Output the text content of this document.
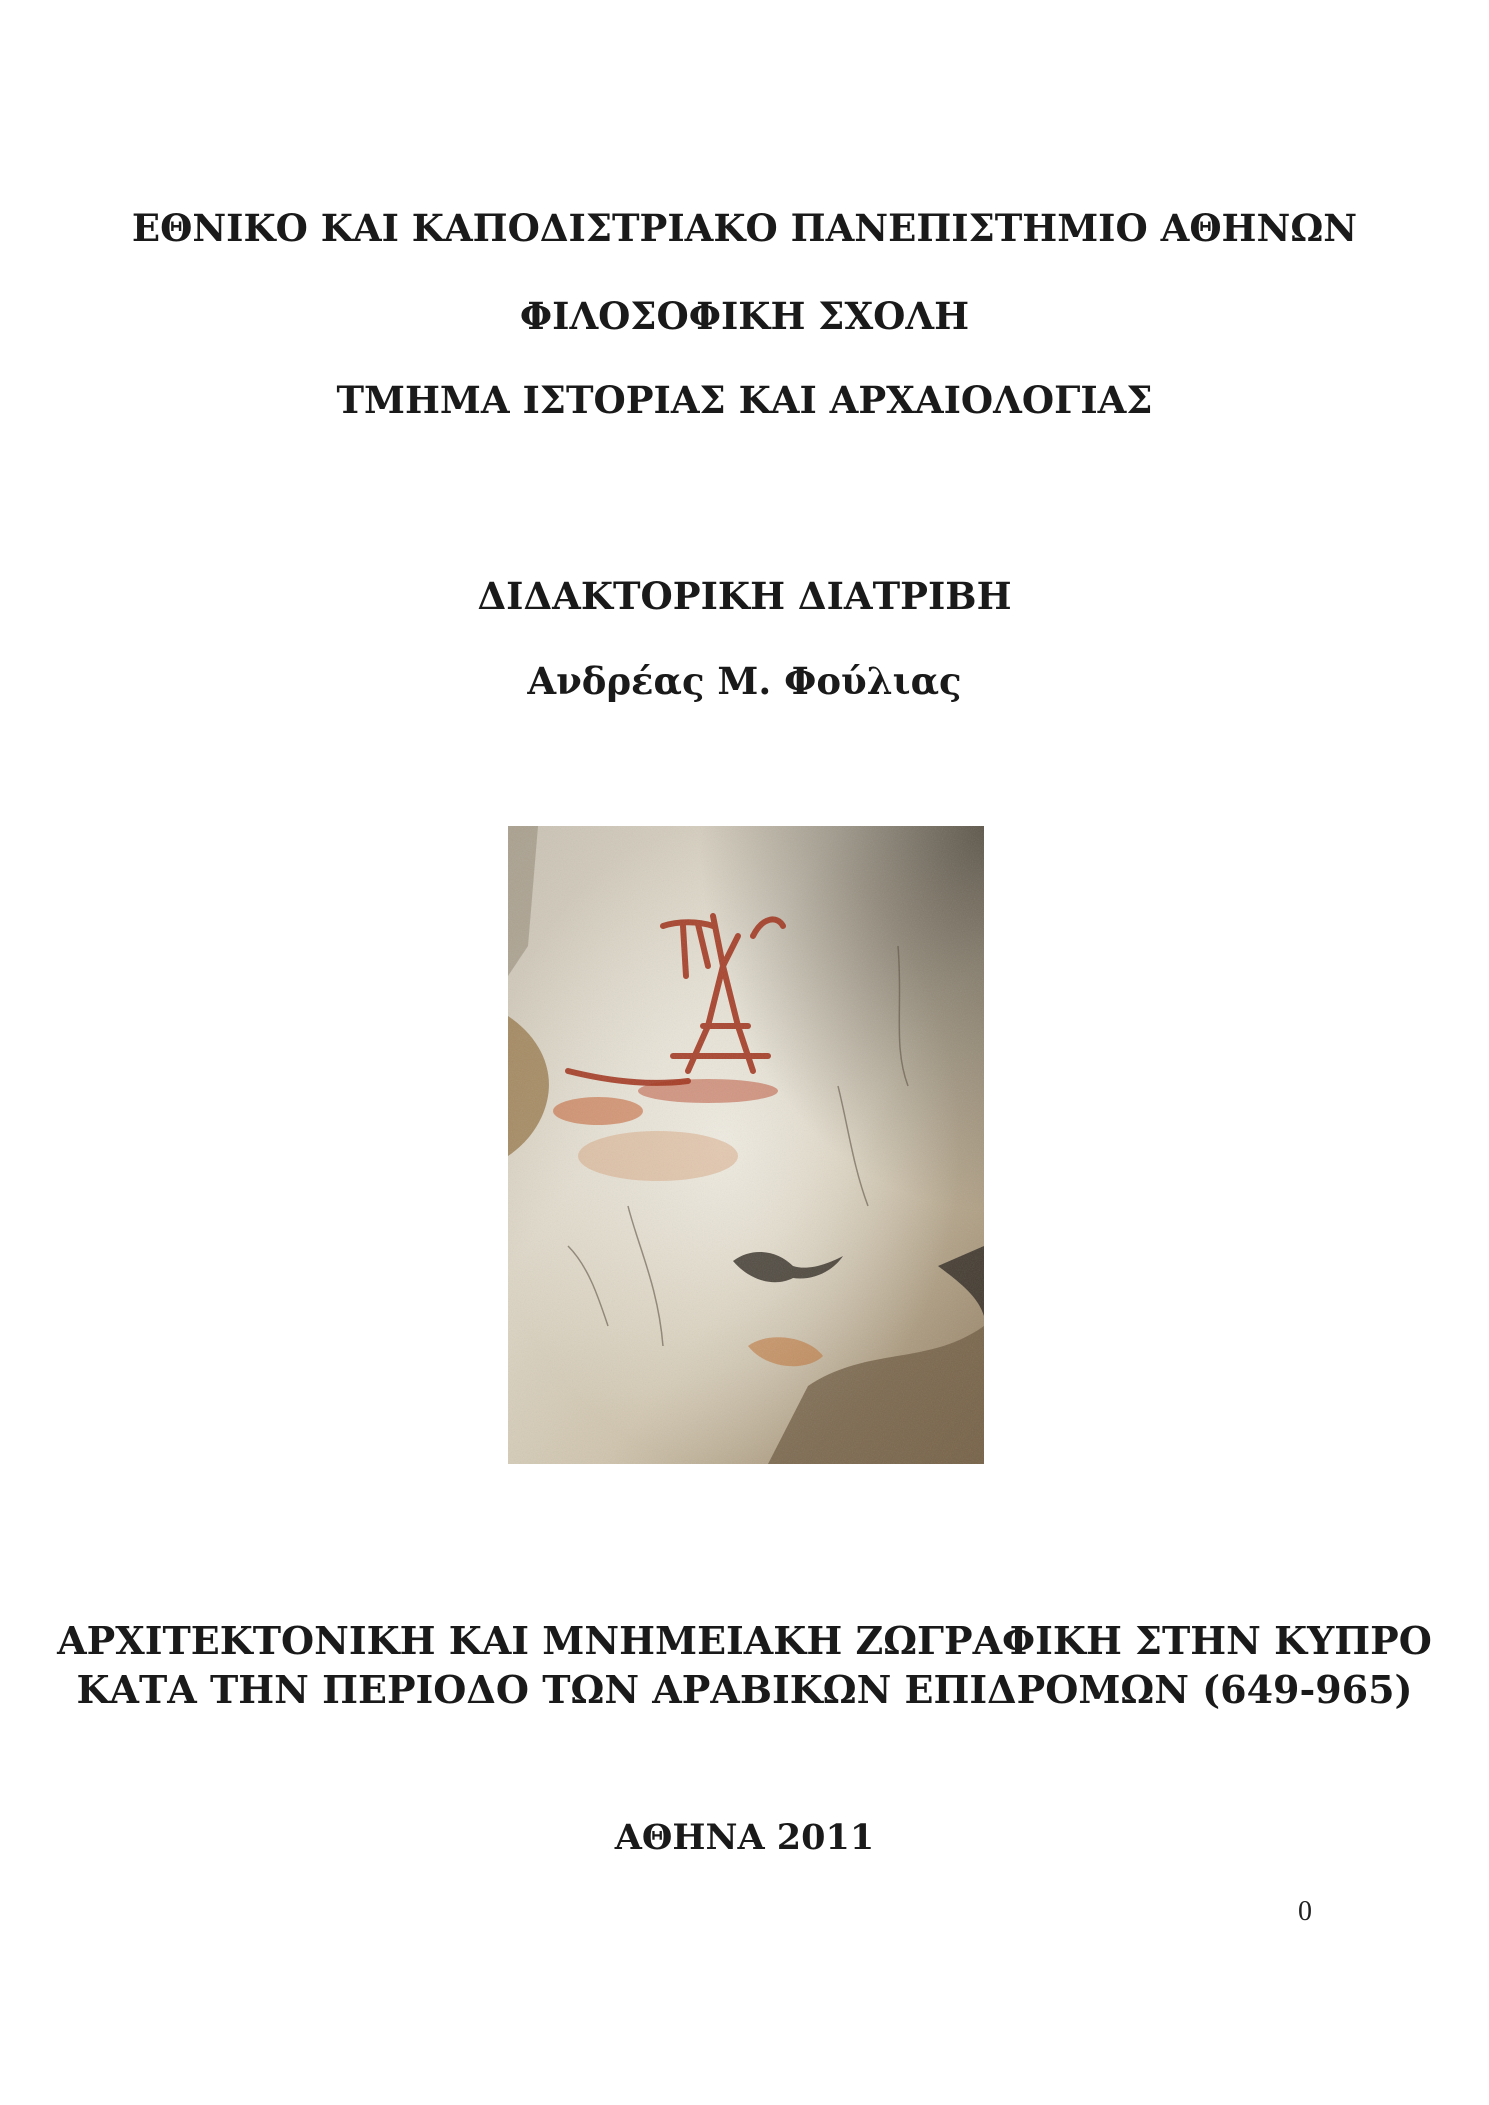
ΕΘΝΙΚΟ ΚΑΙ ΚΑΠΟΔΙΣΤΡΙΑΚΟ ΠΑΝΕΠΙΣΤΗΜΙΟ ΑΘΗΝΩΝ
ΦΙΛΟΣΟΦΙΚΗ ΣΧΟΛΗ
ΤΜΗΜΑ ΙΣΤΟΡΙΑΣ ΚΑΙ ΑΡΧΑΙΟΛΟΓΙΑΣ
ΔΙΔΑΚΤΟΡΙΚΗ ΔΙΑΤΡΙΒΗ
Ανδρέας Μ. Φούλιας
ΑΡΧΙΤΕΚΤΟΝΙΚΗ ΚΑΙ ΜΝΗΜΕΙΑΚΗ ΖΩΓΡΑΦΙΚΗ ΣΤΗΝ ΚΥΠΡΟ
ΚΑΤΑ ΤΗΝ ΠΕΡΙΟΔΟ ΤΩΝ ΑΡΑΒΙΚΩΝ ΕΠΙΔΡΟΜΩΝ (649-965)
ΑΘΗΝΑ 2011
0
